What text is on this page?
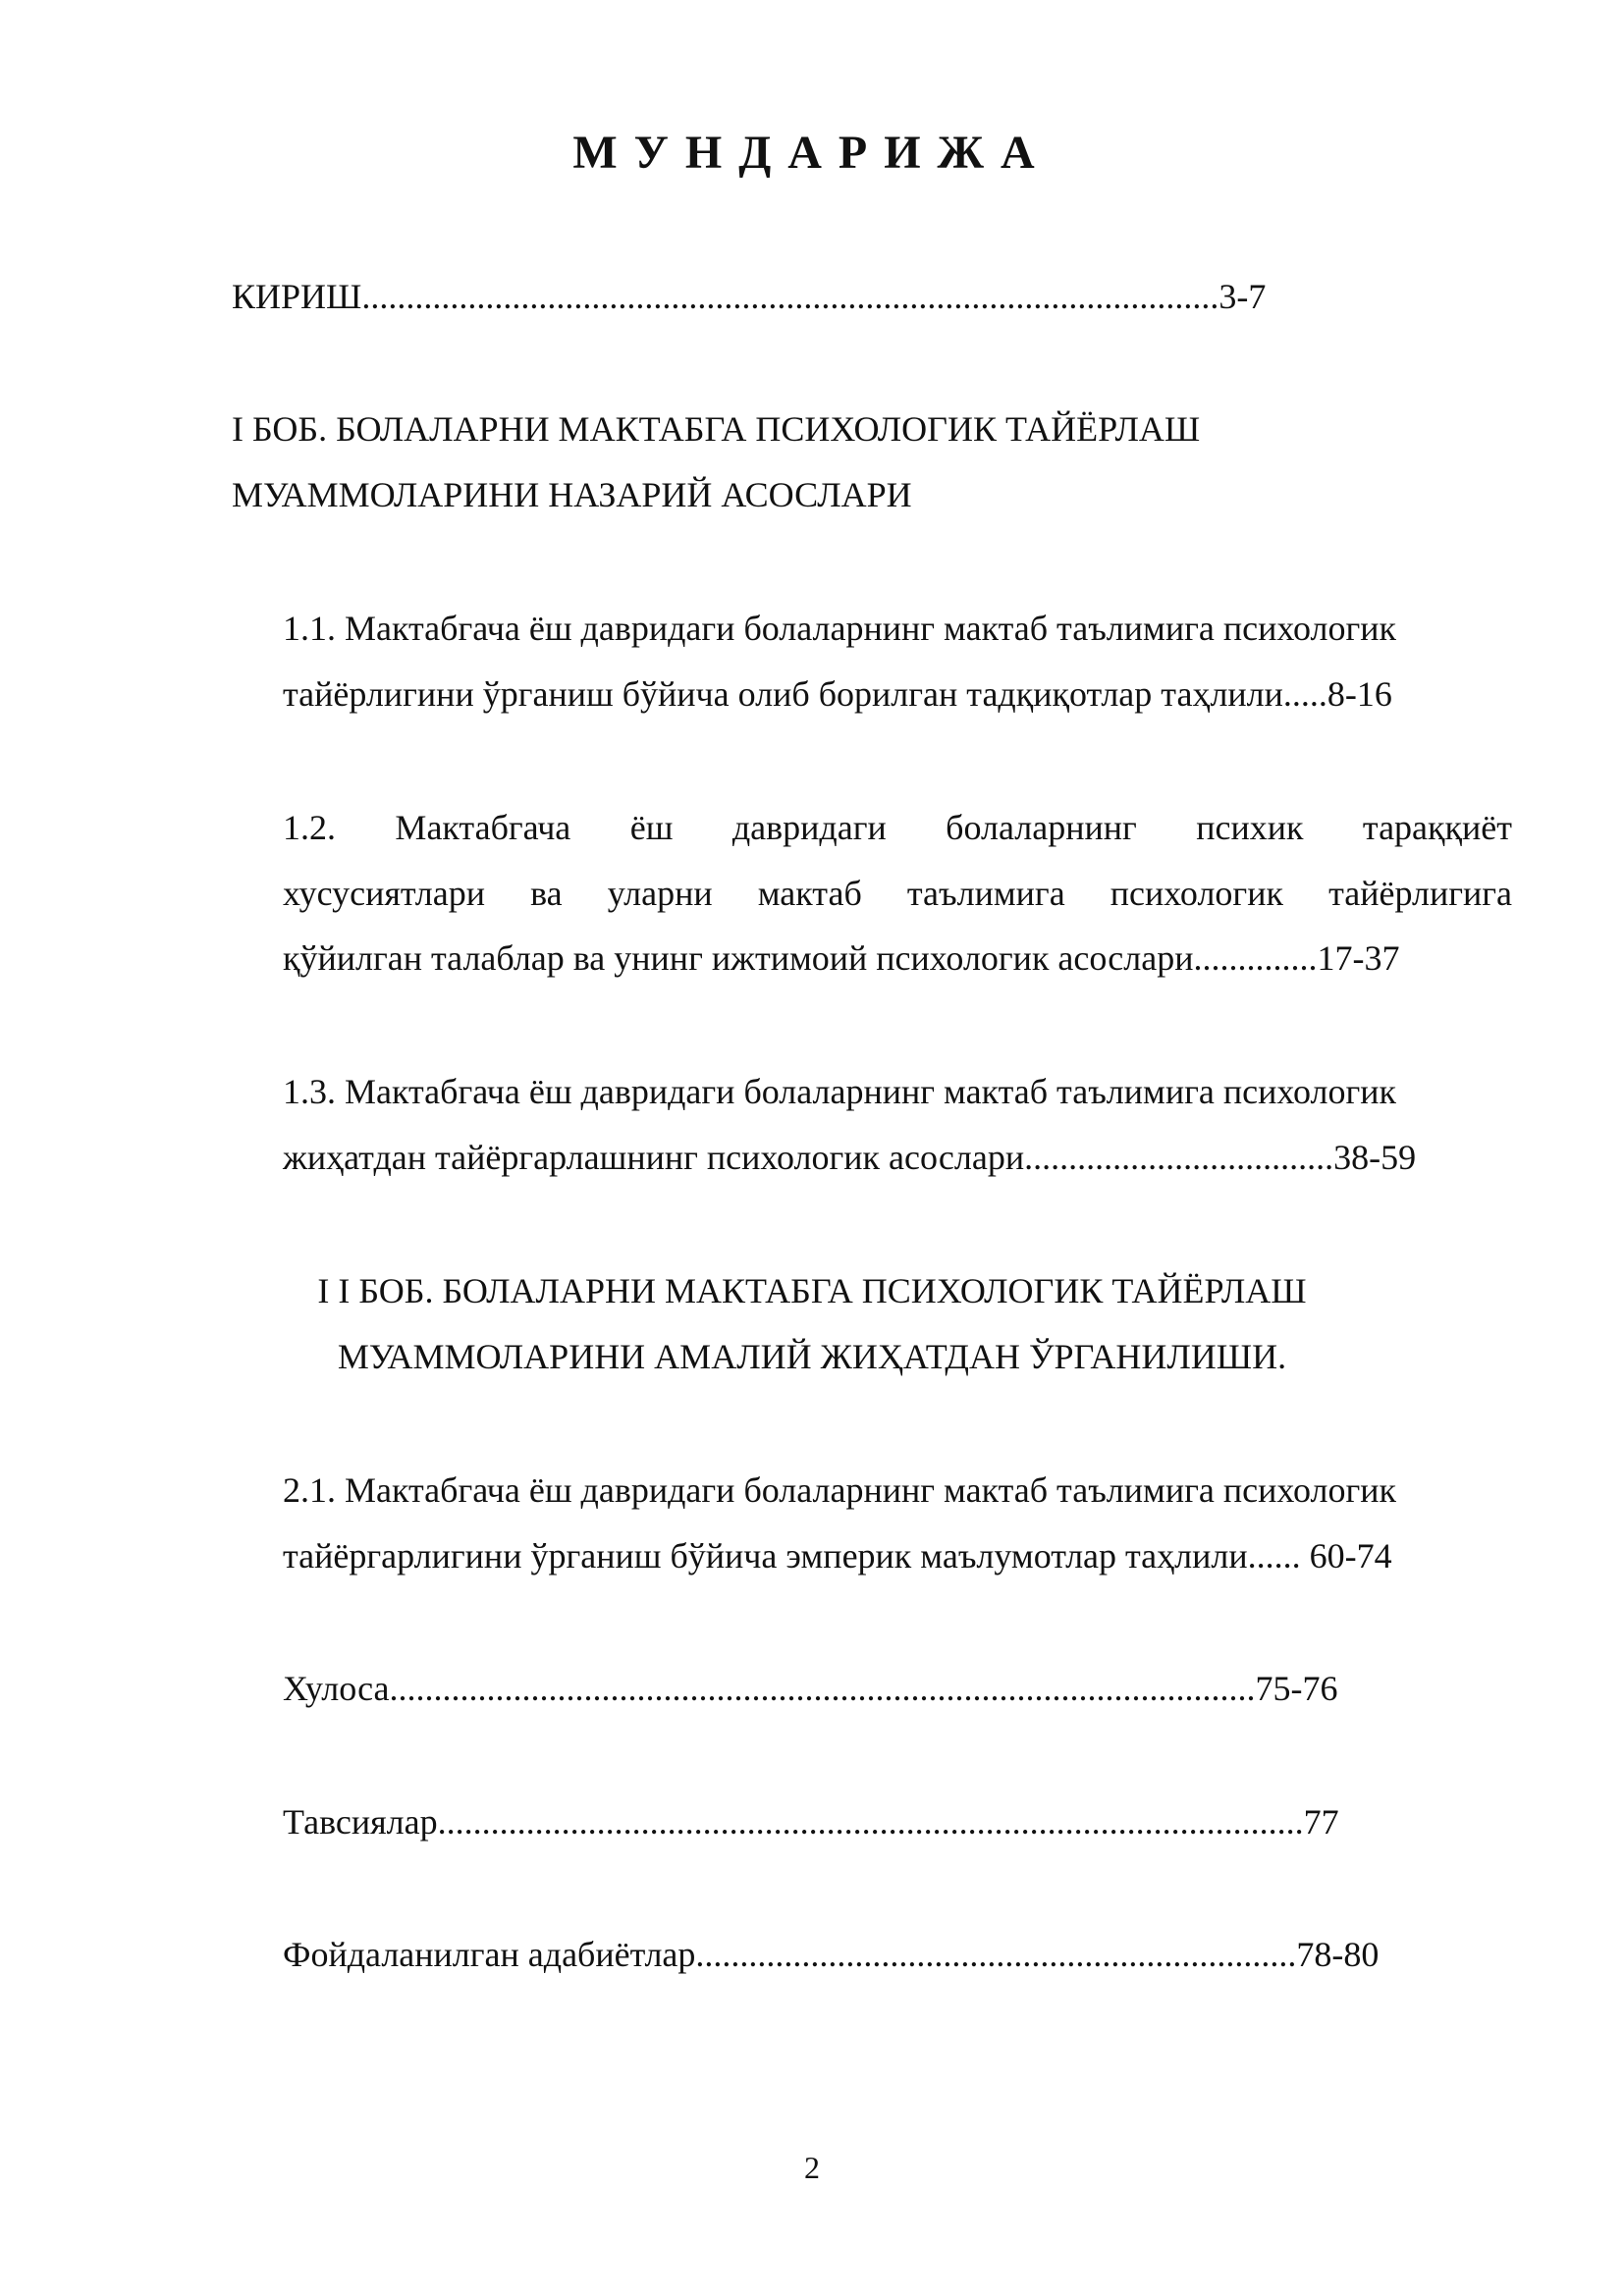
МУНДАРИЖА
КИРИШ.................................................................................................3-7
I БОБ. БОЛАЛАРНИ МАКТАБГА ПСИХОЛОГИК ТАЙЁРЛАШ
МУАММОЛАРИНИ НАЗАРИЙ АСОСЛАРИ
1.1. Мактабгача ёш давридаги болаларнинг мактаб таълимига психологик
тайёрлигини ўрганиш бўйича олиб борилган тадқиқотлар таҳлили.....8-16
1.2. Мактабгача ёш давридаги болаларнинг психик тараққиёт
хусусиятлари ва уларни мактаб таълимига психологик тайёрлигига
қўйилган талаблар ва унинг ижтимоий психологик асослари..............17-37
1.3. Мактабгача ёш давридаги болаларнинг мактаб таълимига психологик
жиҳатдан тайёргарлашнинг психологик асослари...................................38-59
I I БОБ. БОЛАЛАРНИ МАКТАБГА ПСИХОЛОГИК ТАЙЁРЛАШ
МУАММОЛАРИНИ АМАЛИЙ ЖИҲАТДАН ЎРГАНИЛИШИ.
2.1. Мактабгача ёш давридаги болаларнинг мактаб таълимига психологик
тайёргарлигини ўрганиш бўйича эмперик маълумотлар таҳлили...... 60-74
Хулоса..................................................................................................75-76
Тавсиялар..................................................................................................77
Фойдаланилган адабиётлар....................................................................78-80
2
